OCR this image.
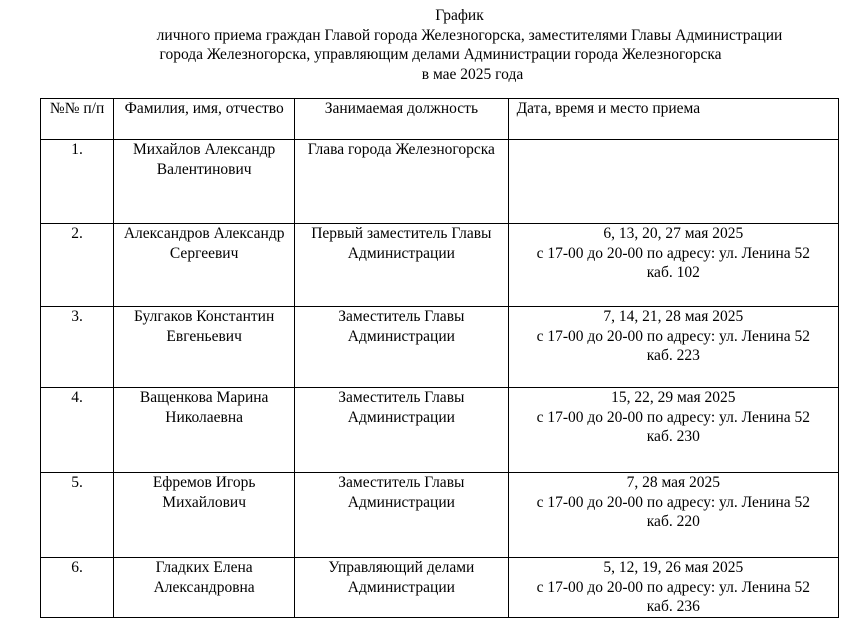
График
личного приема граждан Главой города Железногорска, заместителями Главы Администрации
города Железногорска, управляющим делами Администрации города Железногорска
в мае 2025 года
№№ п/п	Фамилия, имя, отчество	Занимаемая должность	Дата, время и место приема
1.	Михайлов Александр Валентинович	Глава города Железногорска	

2.	Александров Александр Сергеевич	Первый заместитель Главы Администрации	6, 13, 20, 27 мая 2025
с 17-00 до 20-00 по адресу: ул. Ленина 52
каб. 102

3.	Булгаков Константин Евгеньевич	Заместитель Главы Администрации	7, 14, 21, 28 мая 2025
с 17-00 до 20-00 по адресу: ул. Ленина 52
каб. 223

4.	Ващенкова Марина Николаевна	Заместитель Главы Администрации	15, 22, 29 мая 2025
с 17-00 до 20-00 по адресу: ул. Ленина 52
каб. 230

5.	Ефремов Игорь Михайлович	Заместитель Главы Администрации	7, 28 мая 2025
с 17-00 до 20-00 по адресу: ул. Ленина 52
каб. 220

6.	Гладких Елена Александровна	Управляющий делами Администрации	5, 12, 19, 26 мая 2025
с 17-00 до 20-00 по адресу: ул. Ленина 52
каб. 236
